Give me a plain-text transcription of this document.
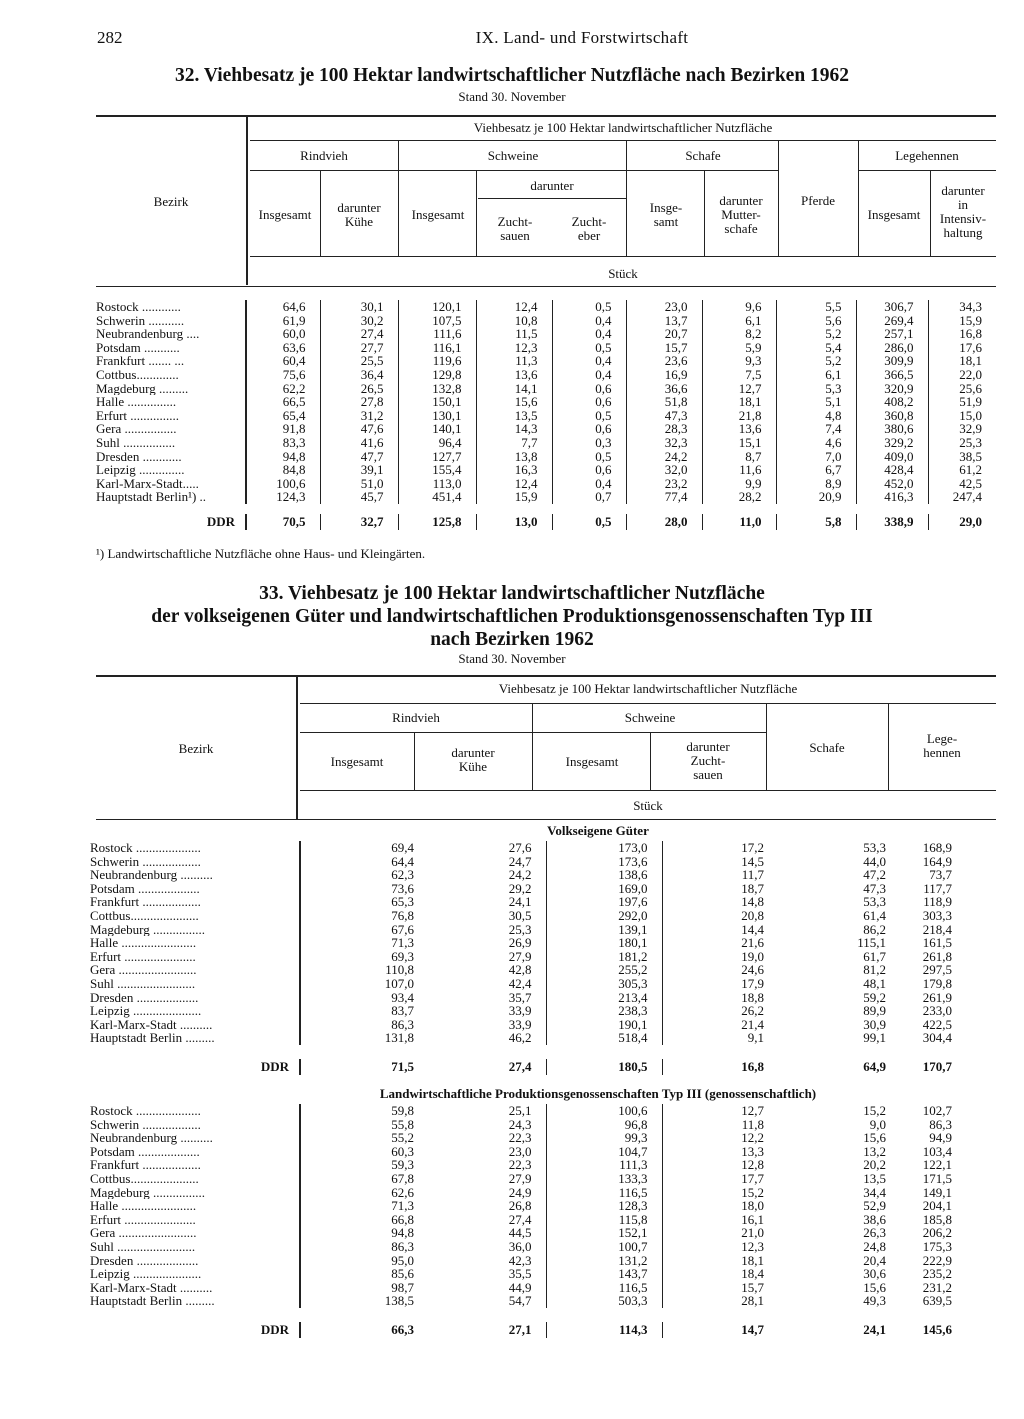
282	IX. Land- und Forstwirtschaft
32. Viehbesatz je 100 Hektar landwirtschaftlicher Nutzfläche nach Bezirken 1962
Stand 30. November
Viehbesatz je 100 Hektar landwirtschaftlicher Nutzfläche
Bezirk
Rindvieh	Schweine	Schafe	Legehennen
Insgesamt	darunter
Kühe	Insgesamt
darunter
Zucht-
sauen
Zucht-
eber
Insge-
samt
darunter
Mutter-
schafe
Pferde
Insgesamt
darunter
in
Intensiv-
haltung
Stück
Rostock ............	64,6	30,1	120,1	12,4	0,5	23,0	9,6	5,5	306,7	34,3
Schwerin ...........	61,9	30,2	107,5	10,8	0,4	13,7	6,1	5,6	269,4	15,9
Neubrandenburg ....	60,0	27,4	111,6	11,5	0,4	20,7	8,2	5,2	257,1	16,8
Potsdam ...........	63,6	27,7	116,1	12,3	0,5	15,7	5,9	5,4	286,0	17,6
Frankfurt ....... ...	60,4	25,5	119,6	11,3	0,4	23,6	9,3	5,2	309,9	18,1
Cottbus.............	75,6	36,4	129,8	13,6	0,4	16,9	7,5	6,1	366,5	22,0
Magdeburg .........	62,2	26,5	132,8	14,1	0,6	36,6	12,7	5,3	320,9	25,6
Halle ...............	66,5	27,8	150,1	15,6	0,6	51,8	18,1	5,1	408,2	51,9
Erfurt ...............	65,4	31,2	130,1	13,5	0,5	47,3	21,8	4,8	360,8	15,0
Gera ................	91,8	47,6	140,1	14,3	0,6	28,3	13,6	7,4	380,6	32,9
Suhl ................	83,3	41,6	96,4	7,7	0,3	32,3	15,1	4,6	329,2	25,3
Dresden ............	94,8	47,7	127,7	13,8	0,5	24,2	8,7	7,0	409,0	38,5
Leipzig ..............	84,8	39,1	155,4	16,3	0,6	32,0	11,6	6,7	428,4	61,2
Karl-Marx-Stadt.....	100,6	51,0	113,0	12,4	0,4	23,2	9,9	8,9	452,0	42,5
Hauptstadt Berlin¹) ..	124,3	45,7	451,4	15,9	0,7	77,4	28,2	20,9	416,3	247,4

DDR	70,5	32,7	125,8	13,0	0,5	28,0	11,0	5,8	338,9	29,0
¹) Landwirtschaftliche Nutzfläche ohne Haus- und Kleingärten.
33. Viehbesatz je 100 Hektar landwirtschaftlicher Nutzfläche
der volkseigenen Güter und landwirtschaftlichen Produktionsgenossenschaften Typ III
nach Bezirken 1962
Stand 30. November
Viehbesatz je 100 Hektar landwirtschaftlicher Nutzfläche
Bezirk
Rindvieh	Schweine
Insgesamt
darunter
Kühe	Insgesamt
darunter
Zucht-
sauen
Schafe
Lege-
hennen
Stück
Volkseigene Güter
Rostock ....................	69,4	27,6	173,0	17,2	53,3	168,9
Schwerin ..................	64,4	24,7	173,6	14,5	44,0	164,9
Neubrandenburg ..........	62,3	24,2	138,6	11,7	47,2	73,7
Potsdam ...................	73,6	29,2	169,0	18,7	47,3	117,7
Frankfurt ..................	65,3	24,1	197,6	14,8	53,3	118,9
Cottbus.....................	76,8	30,5	292,0	20,8	61,4	303,3
Magdeburg ................	67,6	25,3	139,1	14,4	86,2	218,4
Halle .......................	71,3	26,9	180,1	21,6	115,1	161,5
Erfurt ......................	69,3	27,9	181,2	19,0	61,7	261,8
Gera ........................	110,8	42,8	255,2	24,6	81,2	297,5
Suhl ........................	107,0	42,4	305,3	17,9	48,1	179,8
Dresden ...................	93,4	35,7	213,4	18,8	59,2	261,9
Leipzig .....................	83,7	33,9	238,3	26,2	89,9	233,0
Karl-Marx-Stadt ..........	86,3	33,9	190,1	21,4	30,9	422,5
Hauptstadt Berlin .........	131,8	46,2	518,4	9,1	99,1	304,4

DDR	71,5	27,4	180,5	16,8	64,9	170,7
Landwirtschaftliche Produktionsgenossenschaften Typ III (genossenschaftlich)
Rostock ....................	59,8	25,1	100,6	12,7	15,2	102,7
Schwerin ..................	55,8	24,3	96,8	11,8	9,0	86,3
Neubrandenburg ..........	55,2	22,3	99,3	12,2	15,6	94,9
Potsdam ...................	60,3	23,0	104,7	13,3	13,2	103,4
Frankfurt ..................	59,3	22,3	111,3	12,8	20,2	122,1
Cottbus.....................	67,8	27,9	133,3	17,7	13,5	171,5
Magdeburg ................	62,6	24,9	116,5	15,2	34,4	149,1
Halle .......................	71,3	26,8	128,3	18,0	52,9	204,1
Erfurt ......................	66,8	27,4	115,8	16,1	38,6	185,8
Gera ........................	94,8	44,5	152,1	21,0	26,3	206,2
Suhl ........................	86,3	36,0	100,7	12,3	24,8	175,3
Dresden ...................	95,0	42,3	131,2	18,1	20,4	222,9
Leipzig .....................	85,6	35,5	143,7	18,4	30,6	235,2
Karl-Marx-Stadt ..........	98,7	44,9	116,5	15,7	15,6	231,2
Hauptstadt Berlin .........	138,5	54,7	503,3	28,1	49,3	639,5

DDR	66,3	27,1	114,3	14,7	24,1	145,6
